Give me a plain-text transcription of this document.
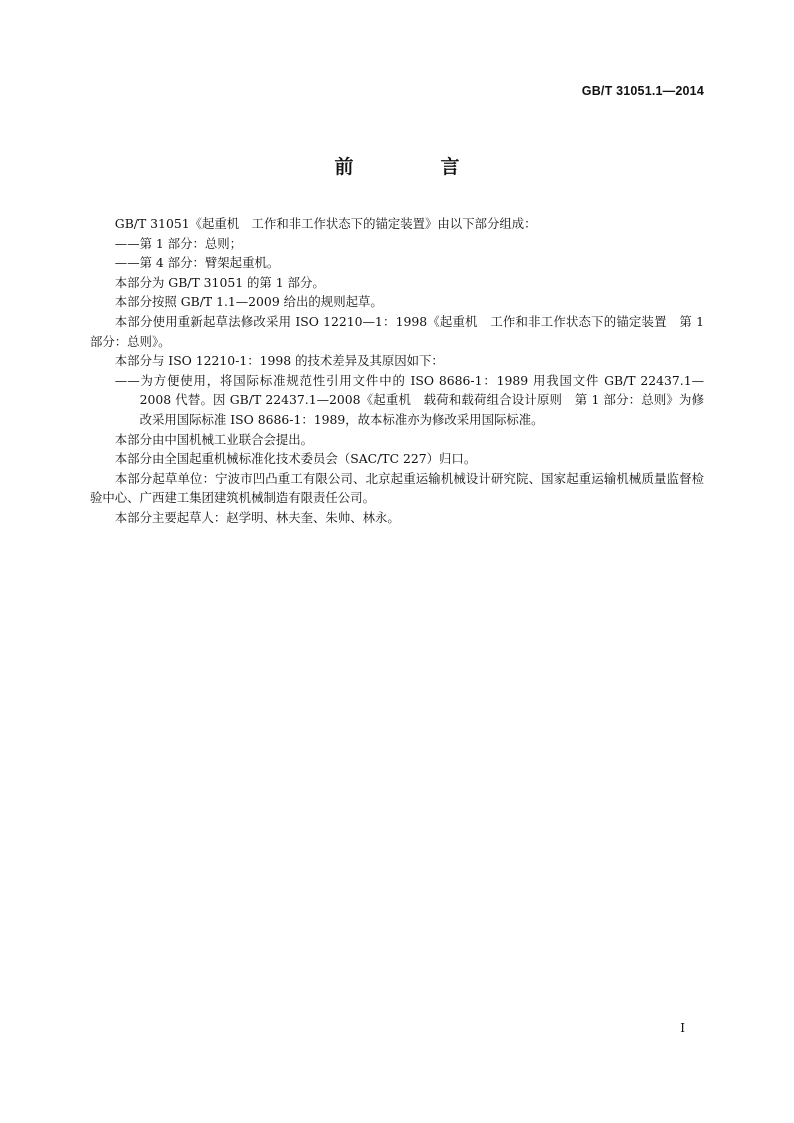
GB/T 31051.1—2014
前　言

GB/T 31051《起重机　工作和非工作状态下的锚定装置》由以下部分组成：

——第 1 部分：总则；

——第 4 部分：臂架起重机。

本部分为 GB/T 31051 的第 1 部分。

本部分按照 GB/T 1.1—2009 给出的规则起草。

本部分使用重新起草法修改采用 ISO 12210—1：1998《起重机　工作和非工作状态下的锚定装置　第 1 部分：总则》。

本部分与 ISO 12210-1：1998 的技术差异及其原因如下：

——为方便使用，将国际标准规范性引用文件中的 ISO 8686-1：1989 用我国文件 GB/T 22437.1—2008 代替。因 GB/T 22437.1—2008《起重机　载荷和载荷组合设计原则　第 1 部分：总则》为修改采用国际标准 ISO 8686-1：1989，故本标准亦为修改采用国际标准。

本部分由中国机械工业联合会提出。

本部分由全国起重机械标准化技术委员会（SAC/TC 227）归口。

本部分起草单位：宁波市凹凸重工有限公司、北京起重运输机械设计研究院、国家起重运输机械质量监督检验中心、广西建工集团建筑机械制造有限责任公司。

本部分主要起草人：赵学明、林夫奎、朱帅、林永。

I
